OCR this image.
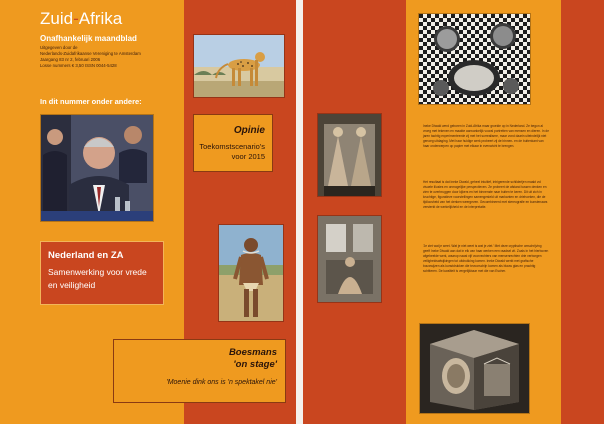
Zuid-Afrika
Onafhankelijk maandblad
Uitgegeven door de
Nederlands-Zuidafrikaanse Vereniging te Amsterdam
Jaargang 83 nr 2, februari 2006
Losse nummers € 3,50 ISSN 0044-5428
In dit nummer onder andere:
Opinie
Toekomstscenario's voor 2015
Nederland en ZA
Samenwerking voor vrede en veiligheid
Boesmans
'on stage'
'Moenie dink ons is 'n spektakel nie'

Ineke Diwald werd geboren in Zuid-Afrika maar groeide op in Nederland. Ze begon al vroeg met tekenen en maakte aanvankelijk vooral portretten van mensen en dieren. In de jaren tachtig experimenteerde zij met het surrealisme, maar vond daarin uiteindelijk niet genoeg uitdaging. Met haar huidige werk probeert zij de binnen- en de buitenkant van haar onderwerpen op papier met elkaar in evenwicht te brengen.

Het resultaat is dat Ineke Diwald, geheel intuitief, intrigerende schilderijen maakt vol visuele illusies en onmogelijke perspectieven. Ze probeert de afstand tussen denken en zien te overbruggen door kijkers en het binnenste naar buiten te keren. Dit uit zich in kruchtige, figuratieve voorstellingen samengesteld uit markanten en driehoeken, die de tijdloosheid van het denken weergeven. Gecombineerd met stereografie en kunstenaars versterkt de werkelijkheid en de interpretatie.

'Je ziet wat je weet. Wat je niet weet is wat je ziet.' Met deze cryptische omschrijving geeft Ineke Diwald aan dat in elk van haar werken een raadsel zit. Zoals in het hierboven afgebeelde werk, waarop naast vijf voorvechters van mensenrechten drie verborgen veiligheidsafwijkingen tot uitdrukking komen. Ineke Diwald werkt met grafische bouwwijzen als kunstdrukken die tevoorschijn komen als blauw glas en prachtig schitteren. De kwaliteit is vergelijkbaar met die van Escher.
